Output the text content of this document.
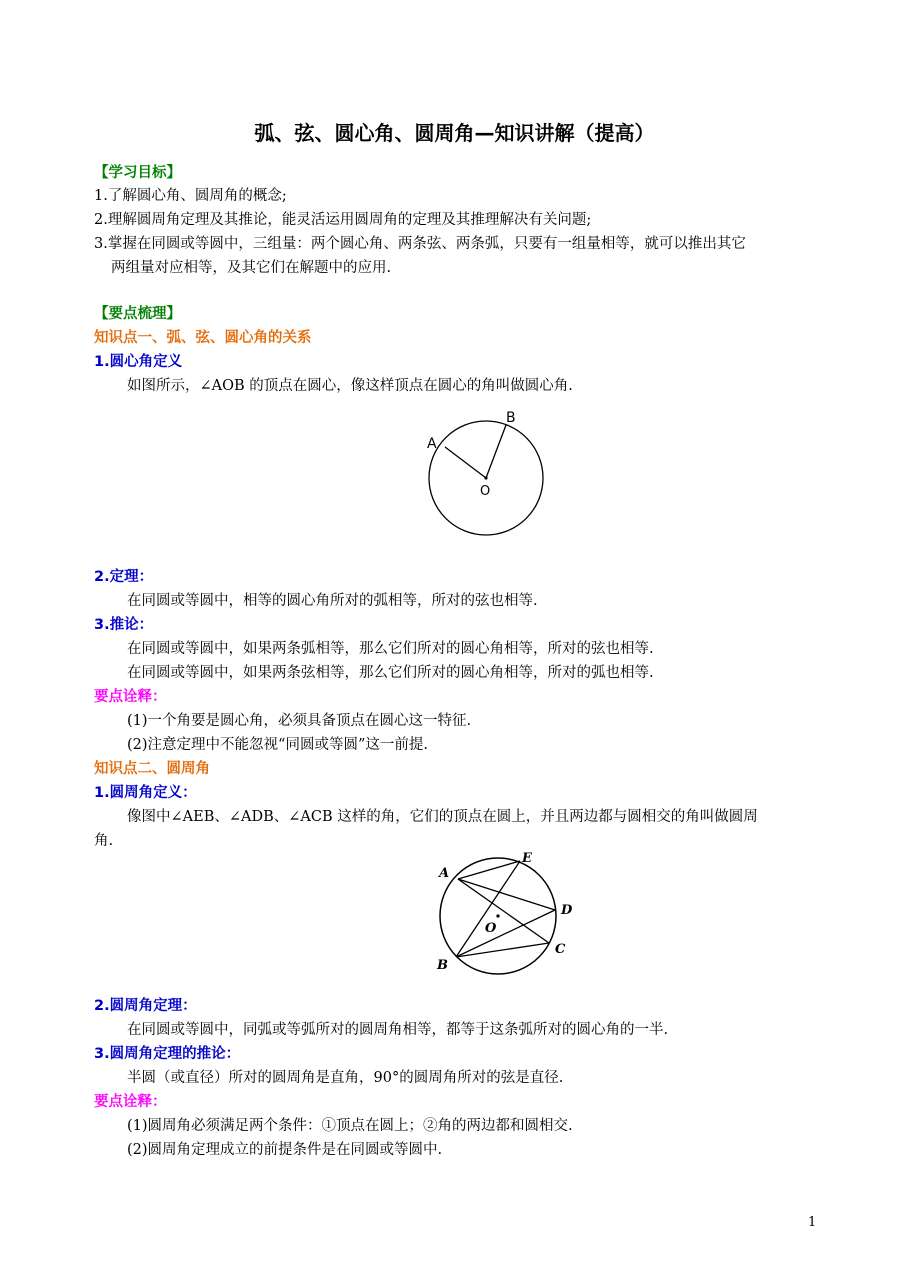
弧、弦、圆心角、圆周角—知识讲解（提高）
【学习目标】
1.了解圆心角、圆周角的概念;
2.理解圆周角定理及其推论，能灵活运用圆周角的定理及其推理解决有关问题;
3.掌握在同圆或等圆中，三组量：两个圆心角、两条弦、两条弧，只要有一组量相等，就可以推出其它
两组量对应相等，及其它们在解题中的应用.
【要点梳理】
知识点一、弧、弦、圆心角的关系
1.圆心角定义
如图所示，∠AOB 的顶点在圆心，像这样顶点在圆心的角叫做圆心角.
A
B
O
2.定理：
在同圆或等圆中，相等的圆心角所对的弧相等，所对的弦也相等.
3.推论：
在同圆或等圆中，如果两条弧相等，那么它们所对的圆心角相等，所对的弦也相等.
在同圆或等圆中，如果两条弦相等，那么它们所对的圆心角相等，所对的弧也相等.
要点诠释：
(1)一个角要是圆心角，必须具备顶点在圆心这一特征.
(2)注意定理中不能忽视“同圆或等圆”这一前提.
知识点二、圆周角
1.圆周角定义：
像图中∠AEB、∠ADB、∠ACB 这样的角，它们的顶点在圆上，并且两边都与圆相交的角叫做圆周
角.
A
E
D
C
B
O
2.圆周角定理：
在同圆或等圆中，同弧或等弧所对的圆周角相等，都等于这条弧所对的圆心角的一半.
3.圆周角定理的推论：
半圆（或直径）所对的圆周角是直角，90°的圆周角所对的弦是直径.
要点诠释：
(1)圆周角必须满足两个条件：①顶点在圆上；②角的两边都和圆相交.
(2)圆周角定理成立的前提条件是在同圆或等圆中.
1
